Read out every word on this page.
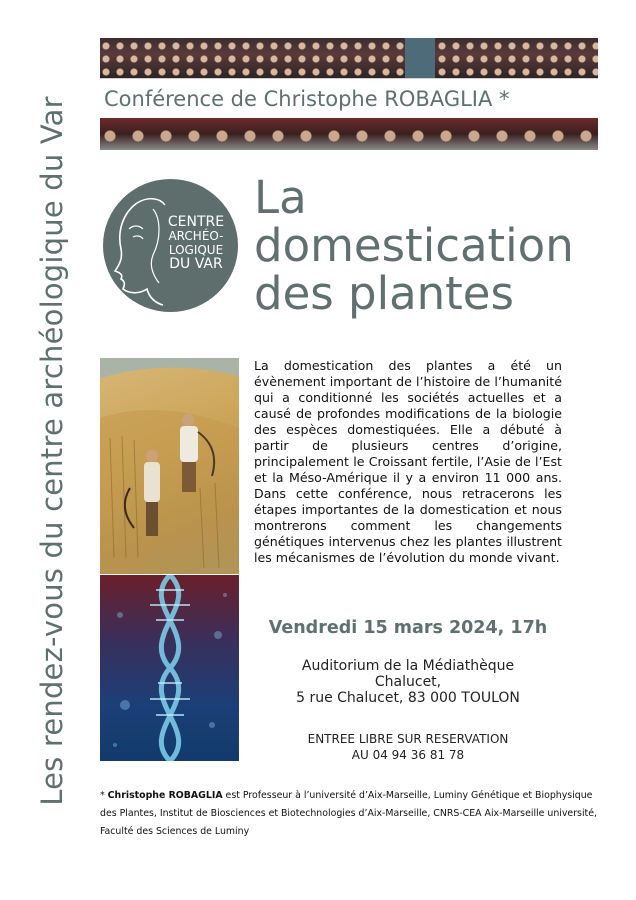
Les rendez-vous du centre archéologique du Var Conférence de Christophe ROBAGLIA *
CENTRE
ARCHÉO-
LOGIQUE
DU VAR
La
domestication
des plantes
La domestication des plantes a été un évènement important de l’histoire de l’humanité qui a conditionné les sociétés actuelles et a causé de profondes modifications de la biologie des espèces domestiquées. Elle a débuté à partir de plusieurs centres d’origine, principalement le Croissant fertile, l’Asie de l’Est et la Méso-Amérique il y a environ 11 000 ans. Dans cette conférence, nous retracerons les étapes importantes de la domestication et nous montrerons comment les changements génétiques intervenus chez les plantes illustrent les mécanismes de l’évolution du monde vivant.
Vendredi 15 mars 2024, 17h
Auditorium de la Médiathèque
Chalucet,
5 rue Chalucet, 83 000 TOULON
ENTREE LIBRE SUR RESERVATION
AU 04 94 36 81 78
* Christophe ROBAGLIA est Professeur à l’université d’Aix-Marseille, Luminy Génétique et Biophysique des Plantes, Institut de Biosciences et Biotechnologies d’Aix-Marseille, CNRS-CEA Aix-Marseille université, Faculté des Sciences de Luminy
